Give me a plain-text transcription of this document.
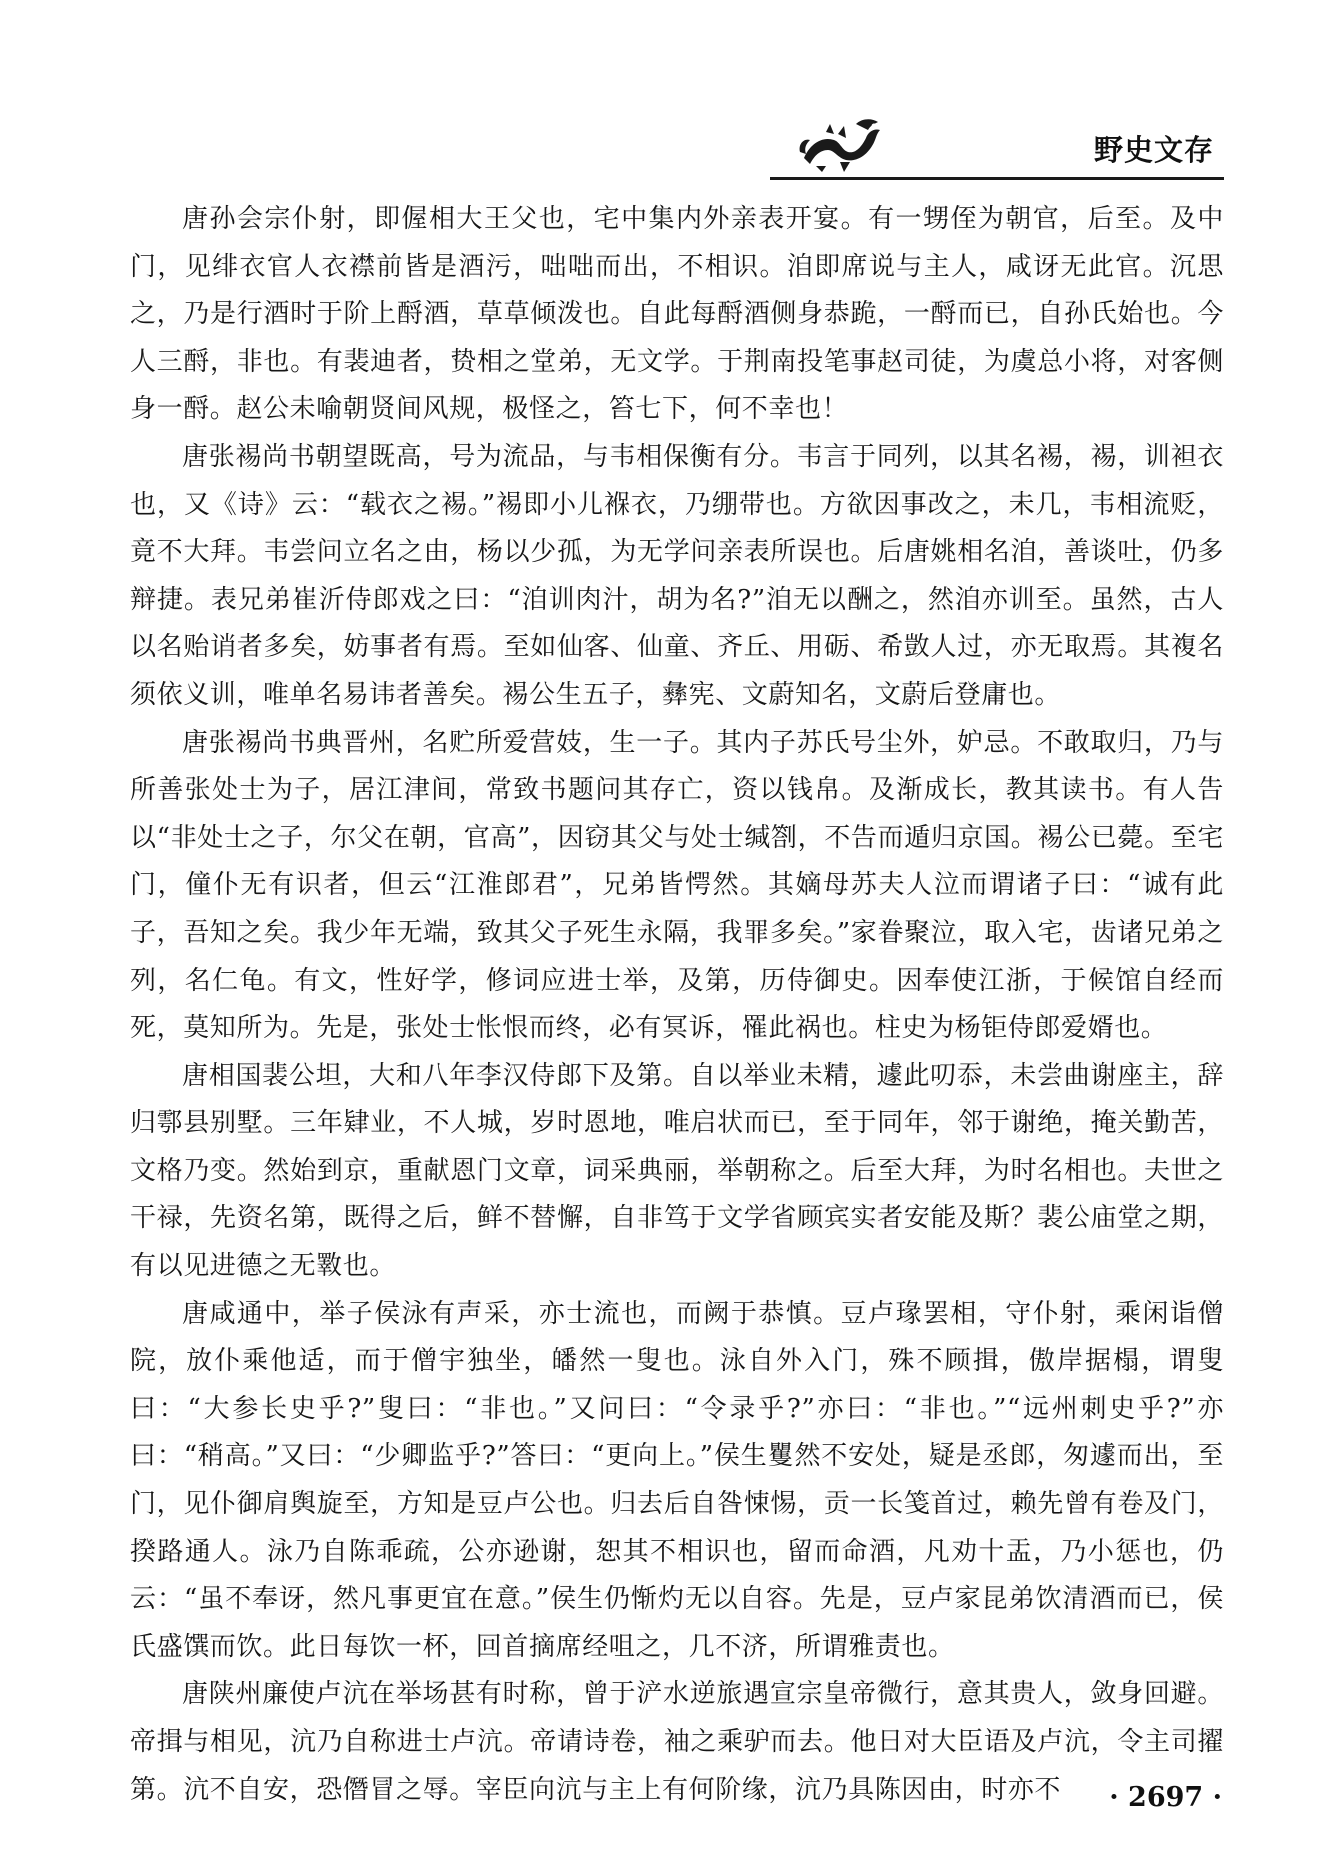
野史文存

唐孙会宗仆射，即偓相大王父也，宅中集内外亲表开宴。有一甥侄为朝官，后至。及中门，见绯衣官人衣襟前皆是酒污，咄咄而出，不相识。洎即席说与主人，咸讶无此官。沉思之，乃是行酒时于阶上酹酒，草草倾泼也。自此每酹酒侧身恭跪，一酹而已，自孙氏始也。今人三酹，非也。有裴迪者，贽相之堂弟，无文学。于荆南投笔事赵司徒，为虞总小将，对客侧身一酹。赵公未喻朝贤间风规，极怪之，笞七下，何不幸也！

唐张裼尚书朝望既高，号为流品，与韦相保衡有分。韦言于同列，以其名裼，裼，训袒衣也，又《诗》云：“载衣之裼。”裼即小儿褓衣，乃绷带也。方欲因事改之，未几，韦相流贬，竟不大拜。韦尝问立名之由，杨以少孤，为无学问亲表所误也。后唐姚相名洎，善谈吐，仍多辩捷。表兄弟崔沂侍郎戏之曰：“洎训肉汁，胡为名?”洎无以酬之，然洎亦训至。虽然，古人以名贻诮者多矣，妨事者有焉。至如仙客、仙童、齐丘、用砺、希敳人过，亦无取焉。其複名须依义训，唯单名易讳者善矣。裼公生五子，彝宪、文蔚知名，文蔚后登庸也。

唐张裼尚书典晋州，名贮所爱营妓，生一子。其内子苏氏号尘外，妒忌。不敢取归，乃与所善张处士为子，居江津间，常致书题问其存亡，资以钱帛。及渐成长，教其读书。有人告以“非处士之子，尔父在朝，官高”，因窃其父与处士缄劄，不告而遁归京国。裼公已薨。至宅门，僮仆无有识者，但云“江淮郎君”，兄弟皆愕然。其嫡母苏夫人泣而谓诸子曰：“诚有此子，吾知之矣。我少年无端，致其父子死生永隔，我罪多矣。”家眷聚泣，取入宅，齿诸兄弟之列，名仁龟。有文，性好学，修词应进士举，及第，历侍御史。因奉使江浙，于候馆自经而死，莫知所为。先是，张处士怅恨而终，必有冥诉，罹此祸也。柱史为杨钜侍郎爱婿也。

唐相国裴公坦，大和八年李汉侍郎下及第。自以举业未精，遽此叨忝，未尝曲谢座主，辞归鄠县别墅。三年肄业，不人城，岁时恩地，唯启状而已，至于同年，邻于谢绝，掩关勤苦，文格乃变。然始到京，重献恩门文章，词采典丽，举朝称之。后至大拜，为时名相也。夫世之干禄，先资名第，既得之后，鲜不替懈，自非笃于文学省顾宾实者安能及斯？裴公庙堂之期，有以见进德之无斁也。

唐咸通中，举子侯泳有声采，亦士流也，而阙于恭慎。豆卢瑑罢相，守仆射，乘闲诣僧院，放仆乘他适，而于僧宇独坐，皤然一叟也。泳自外入门，殊不顾揖，傲岸据榻，谓叟曰：“大参长史乎?”叟曰：“非也。”又问曰：“令录乎?”亦曰：“非也。”“远州刺史乎?”亦曰：“稍高。”又曰：“少卿监乎?”答曰：“更向上。”侯生矍然不安处，疑是丞郎，匆遽而出，至门，见仆御肩舆旋至，方知是豆卢公也。归去后自咎悚惕，贡一长笺首过，赖先曾有卷及门，揆路通人。泳乃自陈乖疏，公亦逊谢，恕其不相识也，留而命酒，凡劝十盂，乃小惩也，仍云：“虽不奉讶，然凡事更宜在意。”侯生仍惭灼无以自容。先是，豆卢家昆弟饮清酒而已，侯氏盛馔而饮。此日每饮一杯，回首摘席经咀之，几不济，所谓雅责也。

唐陕州廉使卢沆在举场甚有时称，曾于浐水逆旅遇宣宗皇帝微行，意其贵人，敛身回避。帝揖与相见，沆乃自称进士卢沆。帝请诗卷，袖之乘驴而去。他日对大臣语及卢沆，令主司擢第。沆不自安，恐僭冒之辱。宰臣向沆与主上有何阶缘，沆乃具陈因由，时亦不	· 2697 ·
